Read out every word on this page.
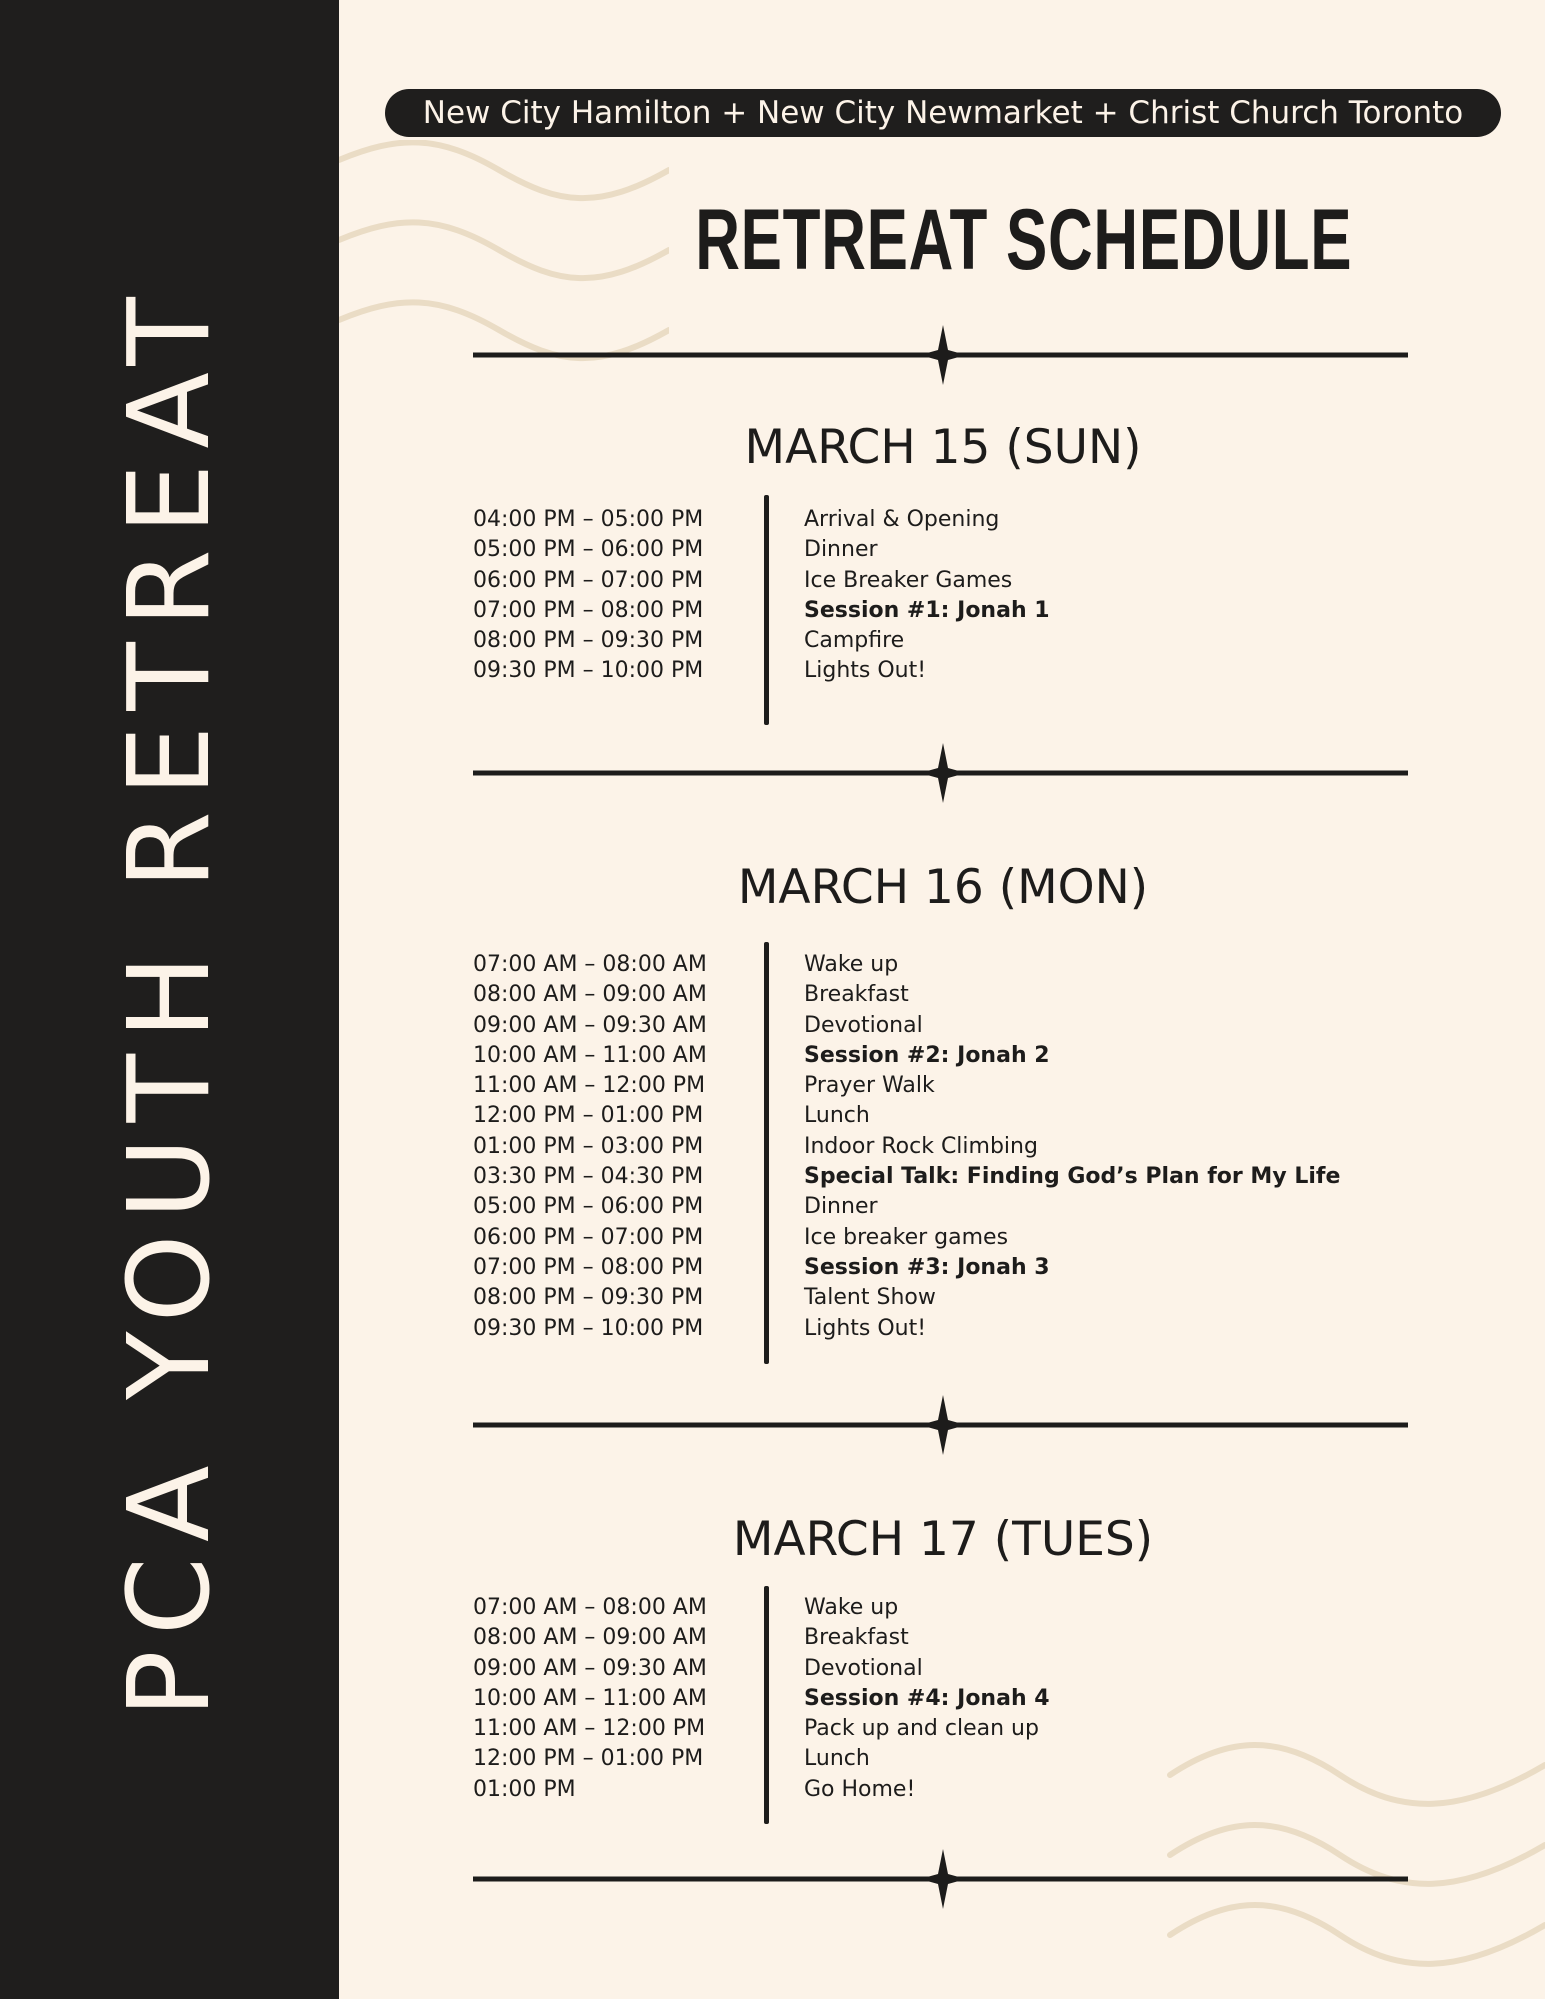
PCA YOUTH RETREAT
New City Hamilton + New City Newmarket + Christ Church Toronto
RETREAT SCHEDULE
MARCH 15 (SUN)
04:00 PM – 05:00 PM
05:00 PM – 06:00 PM
06:00 PM – 07:00 PM
07:00 PM – 08:00 PM
08:00 PM – 09:30 PM
09:30 PM – 10:00 PM
Arrival & Opening
Dinner
Ice Breaker Games
Session #1: Jonah 1
Campfire
Lights Out!
MARCH 16 (MON)
07:00 AM – 08:00 AM
08:00 AM – 09:00 AM
09:00 AM – 09:30 AM
10:00 AM – 11:00 AM
11:00 AM – 12:00 PM
12:00 PM – 01:00 PM
01:00 PM – 03:00 PM
03:30 PM – 04:30 PM
05:00 PM – 06:00 PM
06:00 PM – 07:00 PM
07:00 PM – 08:00 PM
08:00 PM – 09:30 PM
09:30 PM – 10:00 PM
Wake up
Breakfast
Devotional
Session #2: Jonah 2
Prayer Walk
Lunch
Indoor Rock Climbing
Special Talk: Finding God’s Plan for My Life
Dinner
Ice breaker games
Session #3: Jonah 3
Talent Show
Lights Out!
MARCH 17 (TUES)
07:00 AM – 08:00 AM
08:00 AM – 09:00 AM
09:00 AM – 09:30 AM
10:00 AM – 11:00 AM
11:00 AM – 12:00 PM
12:00 PM – 01:00 PM
01:00 PM
Wake up
Breakfast
Devotional
Session #4: Jonah 4
Pack up and clean up
Lunch
Go Home!
